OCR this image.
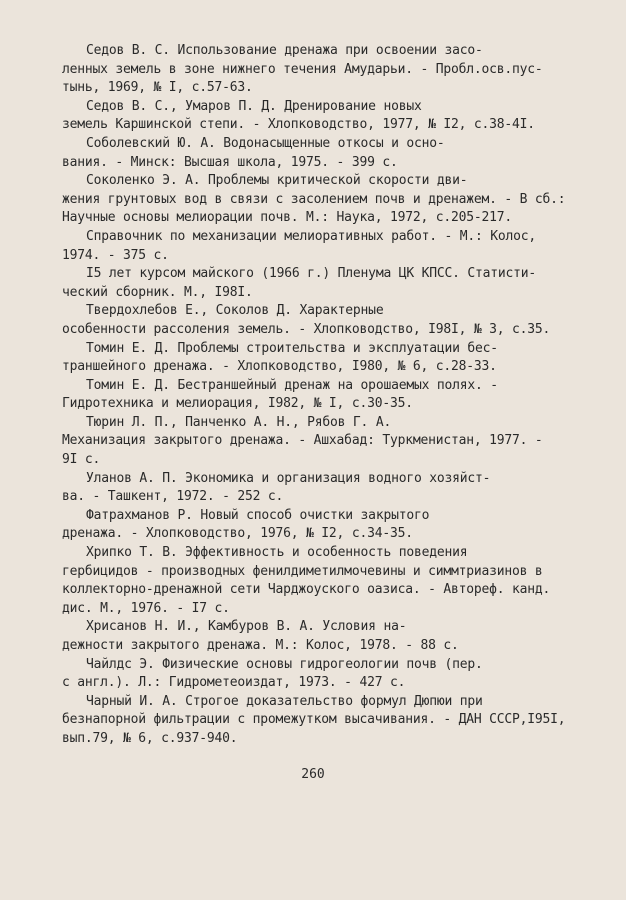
Седов В. С. Использование дренажа при освоении засо-
ленных земель в зоне нижнего течения Амударьи. - Пробл.осв.пус-
тынь, 1969, № I, с.57-63.
Седов В. С., Умаров П. Д. Дренирование новых
земель Каршинской степи. - Хлопководство, 1977, № I2, с.38-4I.
Соболевский Ю. А. Водонасыщенные откосы и осно-
вания. - Минск: Высшая школа, 1975. - 399 с.
Соколенко Э. А. Проблемы критической скорости дви-
жения грунтовых вод в связи с засолением почв и дренажем. - В сб.:
Научные основы мелиорации почв. М.: Наука, 1972, с.205-217.
Справочник по механизации мелиоративных работ. - М.: Колос,
1974. - 375 с.
I5 лет курсом майского (1966 г.) Пленума ЦК КПСС. Статисти-
ческий сборник. М., I98I.
Твердохлебов Е., Соколов Д. Характерные
особенности рассоления земель. - Хлопководство, I98I, № 3, с.35.
Томин Е. Д. Проблемы строительства и эксплуатации бес-
траншейного дренажа. - Хлопководство, I980, № 6, с.28-33.
Томин Е. Д. Бестраншейный дренаж на орошаемых полях. -
Гидротехника и мелиорация, I982, № I, с.30-35.
Тюрин Л. П., Панченко А. Н., Рябов Г. А.
Механизация закрытого дренажа. - Ашхабад: Туркменистан, 1977. -
9I с.
Уланов А. П. Экономика и организация водного хозяйст-
ва. - Ташкент, 1972. - 252 с.
Фатрахманов Р. Новый способ очистки закрытого
дренажа. - Хлопководство, 1976, № I2, с.34-35.
Хрипко Т. В. Эффективность и особенность поведения
гербицидов - производных фенилдиметилмочевины и симмтриазинов в
коллекторно-дренажной сети Чарджоуского оазиса. - Автореф. канд.
дис. М., 1976. - I7 с.
Хрисанов Н. И., Камбуров В. А. Условия на-
дежности закрытого дренажа. М.: Колос, 1978. - 88 с.
Чайлдс Э. Физические основы гидрогеологии почв (пер.
с англ.). Л.: Гидрометеоиздат, 1973. - 427 с.
Чарный И. А. Строгое доказательство формул Дюпюи при
безнапорной фильтрации с промежутком высачивания. - ДАН СССР,I95I,
вып.79, № 6, с.937-940.
260
